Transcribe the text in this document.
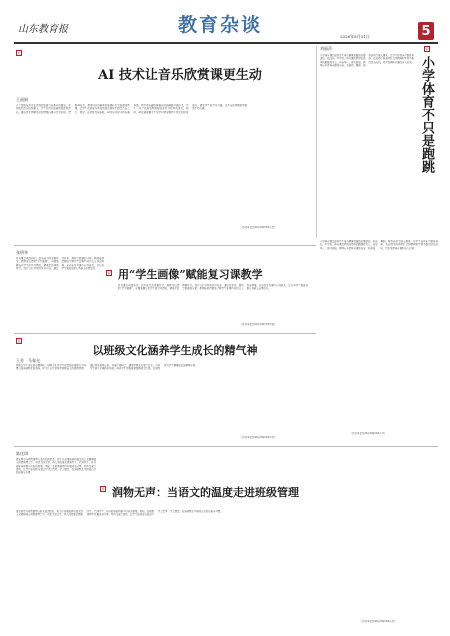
山东教育报	教育杂谈
2026年8月31日	5
论
AI 技术让音乐欣赏课更生动
王丽娟
人工智能技术正在深刻改变着音乐教育的面貌。在传统的音乐欣赏课上，学生往往只能被动地聆听作品，难以真正理解作品的情感内涵与艺术价值。借助AI技术，教师可以将抽象的旋律转化为直观的图像，让学生在视觉与听觉的双重体验中感受音乐之美。例如，在欣赏交响乐时，AI可以实时分析乐器声部，把不同乐器的演奏以动态画面呈现出来，学生一目了然地看到旋律的起伏与和声的变化。同时，AI还能根据学生的学习情况推荐个性化的欣赏曲目，激发学生的学习兴趣，让音乐欣赏课变得更加生动有趣。
（作者单位系XX市XX区XX小学）
刘丽萍	论
小学体育不只是跑跳
小学体育课是促进学生身心健康发展的重要途径。然而在一些学校，体育课仍停留在简单的跑跳练习上，内容单一，形式枯燥。教师应丰富体育课的内容，将游戏、舞蹈、球类运动等融入课堂，让学生在快乐中锻炼身体，在运动中培养团队合作精神和坚韧不拔的意志品质，真正发挥体育课的育人价值。
小学体育课是促进学生身心健康发展的重要途径。然而在一些学校，体育课仍停留在简单的跑跳练习上，内容单一，形式枯燥。教师应丰富体育课的内容，将游戏、舞蹈、球类运动等融入课堂，让学生在快乐中锻炼身体，在运动中培养团队合作精神和坚韧不拔的意志品质，真正发挥体育课的育人价值。
（作者单位系XX市XX区XX小学）
张明华
复习课是巩固知识、提升能力的重要环节。教师可以借助“学生画像”，全面掌握每名学生的学习情况，精准定位薄弱环节，设计有针对性的复习内容。通过对作业、测验等数据的分析，教师能够清楚地了解学生在哪些知识点上存在困难，从而在复习课中有的放矢，让每名学生都能在原有基础上获得提升。
案 用“学生画像”赋能复习课教学
复习课是巩固知识、提升能力的重要环节。教师可以借助“学生画像”，全面掌握每名学生的学习情况，精准定位薄弱环节，设计有针对性的复习内容。通过对作业、测验等数据的分析，教师能够清楚地了解学生在哪些知识点上存在困难，从而在复习课中有的放矢，让每名学生都能在原有基础上获得提升。
（作者单位系XX市XX区XX学校）
案
以班级文化涵养学生成长的精气神
王芳　马春光
班级是学生成长的重要场所，班级文化对学生的思想品德和行为习惯有着潜移默化的影响。班主任应注重营造积极向上的班级氛围，通过制定班级公约、开展主题班会、建设班级文化墙等方式，引导学生树立正确的价值观，培养学生的集体荣誉感和责任感，让班级成为学生健康成长的精神家园。
（作者单位系XX市XX区XX中学）
陈佳琪
语文教学与班级管理有着天然的联系。班主任如果能够将语文的人文精神融入班级管理之中，用优美的文字、动人的故事去感染学生、启迪学生，往往能够收到事半功倍的效果。例如，在班级管理中开展读书分享、写作交流等活动，让学生在阅读与表达中学会思考、学会感恩，在潜移默化中形成良好的品格与习惯。
思 润物无声：当语文的温度走进班级管理
语文教学与班级管理有着天然的联系。班主任如果能够将语文的人文精神融入班级管理之中，用优美的文字、动人的故事去感染学生、启迪学生，往往能够收到事半功倍的效果。例如，在班级管理中开展读书分享、写作交流等活动，让学生在阅读与表达中学会思考、学会感恩，在潜移默化中形成良好的品格与习惯。
（作者单位系XX市XX区XX小学）
